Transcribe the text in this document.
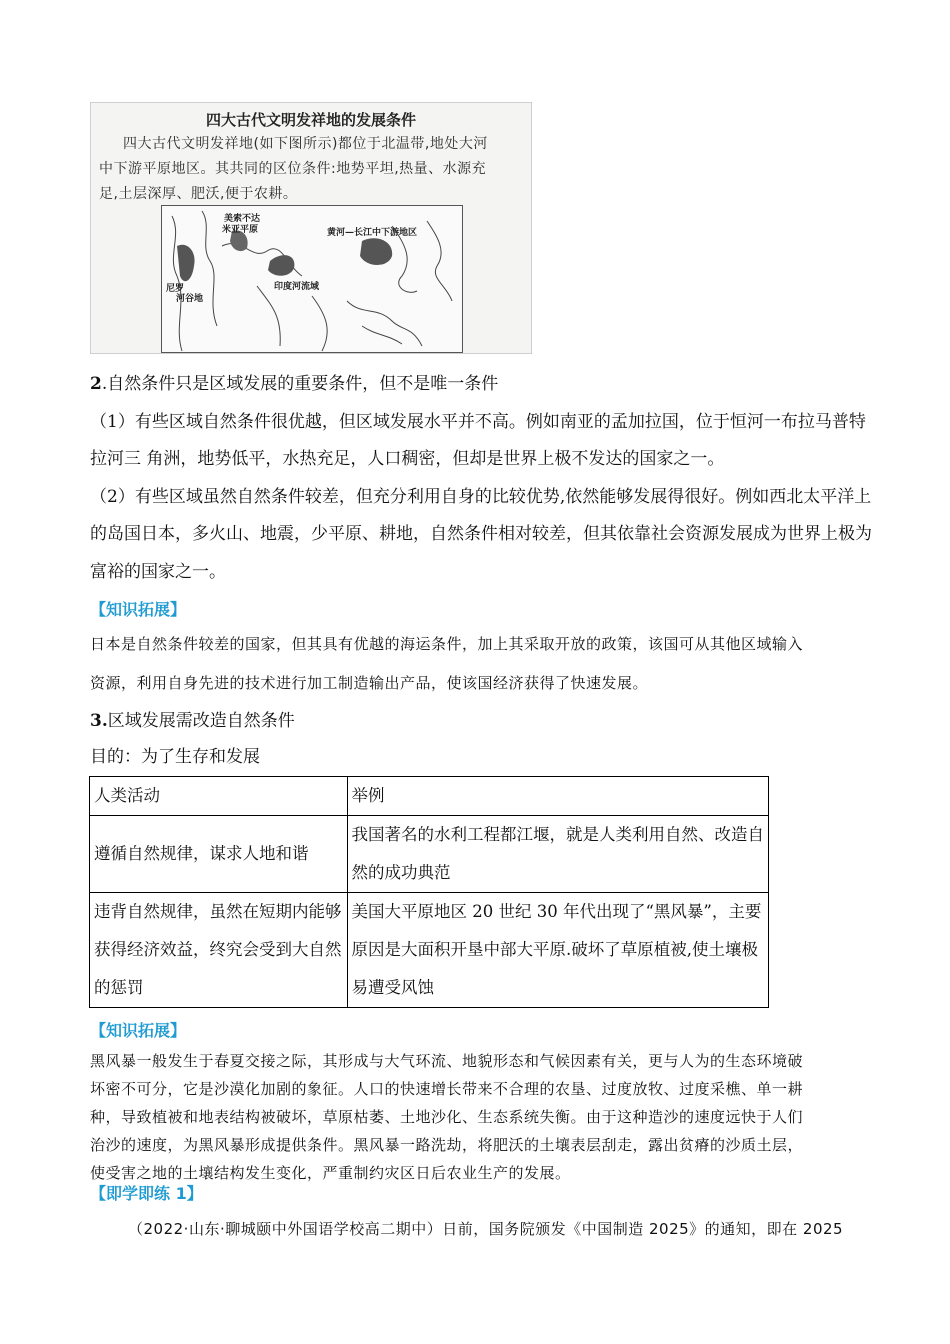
四大古代文明发祥地的发展条件
四大古代文明发祥地(如下图所示)都位于北温带,地处大河
中下游平原地区。其共同的区位条件:地势平坦,热量、水源充
足,土层深厚、肥沃,便于农耕。
美索不达
米亚平原	黄河—长江中下游地区
印度河流域
尼罗
河谷地
2.自然条件只是区域发展的重要条件，但不是唯一条件
（1）有些区域自然条件很优越，但区域发展水平并不高。例如南亚的孟加拉国，位于恒河一布拉马普特
拉河三 角洲，地势低平，水热充足，人口稠密，但却是世界上极不发达的国家之一。
（2）有些区域虽然自然条件较差，但充分利用自身的比较优势,依然能够发展得很好。例如西北太平洋上
的岛国日本，多火山、地震，少平原、耕地，自然条件相对较差，但其依靠社会资源发展成为世界上极为
富裕的国家之一。
【知识拓展】
日本是自然条件较差的国家，但其具有优越的海运条件，加上其采取开放的政策，该国可从其他区域输入
资源，利用自身先进的技术进行加工制造输出产品，使该国经济获得了快速发展。
3.区域发展需改造自然条件
目的：为了生存和发展
人类活动	举例

遵循自然规律，谋求人地和谐	我国著名的水利工程都江堰，就是人类利用自然、改造自
然的成功典范

违背自然规律，虽然在短期内能够
获得经济效益，终究会受到大自然
的惩罚	美国大平原地区 20 世纪 30 年代出现了“黑风暴”，主要
原因是大面积开垦中部大平原.破坏了草原植被,使土壤极
易遭受风蚀
【知识拓展】
黑风暴一般发生于春夏交接之际，其形成与大气环流、地貌形态和气候因素有关，更与人为的生态环境破
坏密不可分，它是沙漠化加剧的象征。人口的快速增长带来不合理的农垦、过度放牧、过度采樵、单一耕
种，导致植被和地表结构被破坏，草原枯萎、土地沙化、生态系统失衡。由于这种造沙的速度远快于人们
治沙的速度，为黑风暴形成提供条件。黑风暴一路洗劫，将肥沃的土壤表层刮走，露出贫瘠的沙质土层，
使受害之地的土壤结构发生变化，严重制约灾区日后农业生产的发展。
【即学即练 1】
（2022·山东·聊城颐中外国语学校高二期中）日前，国务院颁发《中国制造 2025》的通知，即在 2025
